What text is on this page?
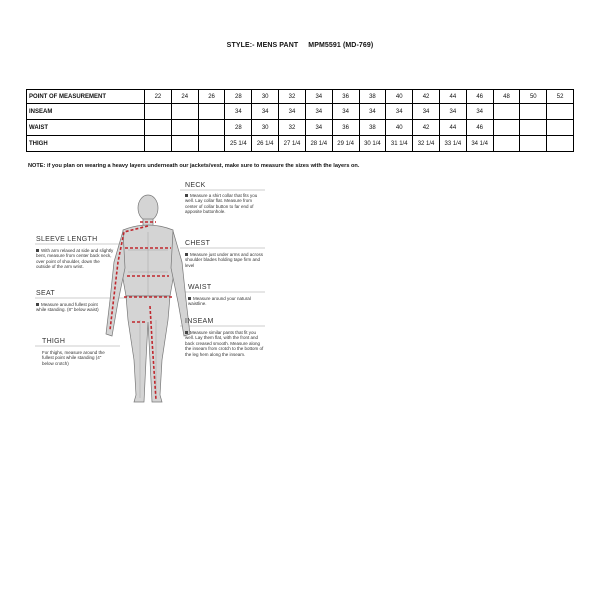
STYLE:- MENS PANT MPM5591 (MD-769)
POINT OF MEASUREMENT	22	24	26	28	30	32	34	36	38	40	42	44	46	48	50	52
INSEAM				34	34	34	34	34	34	34	34	34	34			
WAIST				28	30	32	34	36	38	40	42	44	46			
THIGH				25 1/4	26 1/4	27 1/4	28 1/4	29 1/4	30 1/4	31 1/4	32 1/4	33 1/4	34 1/4			
NOTE: if you plan on wearing a heavy layers underneath our jackets/vest, make sure to measure the sizes with the layers on.
NECK

Measure a shirt collar that fits you well. Lay collar flat. Measure from center of collar button to far end of apposite buttonhole.

CHEST

Measure just under arms and across shoulder blades holding tape firm and level

WAIST

Measure around your natural waistline.

INSEAM

Measure similar pants that fit you well. Lay them flat, with the front and back creased smooth. Measure along the inseam from crotch to the bottom of the leg hem along the inseam.

SLEEVE LENGTH

With arm relaxed at side and slightly bent, measure from center back neck, over point of shoulder, down the outside of the arm wrist.

SEAT

Measure around fullest point while standing. (8" below waist)

THIGH

For thighs, measure around the fullest point while standing (4" below crotch)
